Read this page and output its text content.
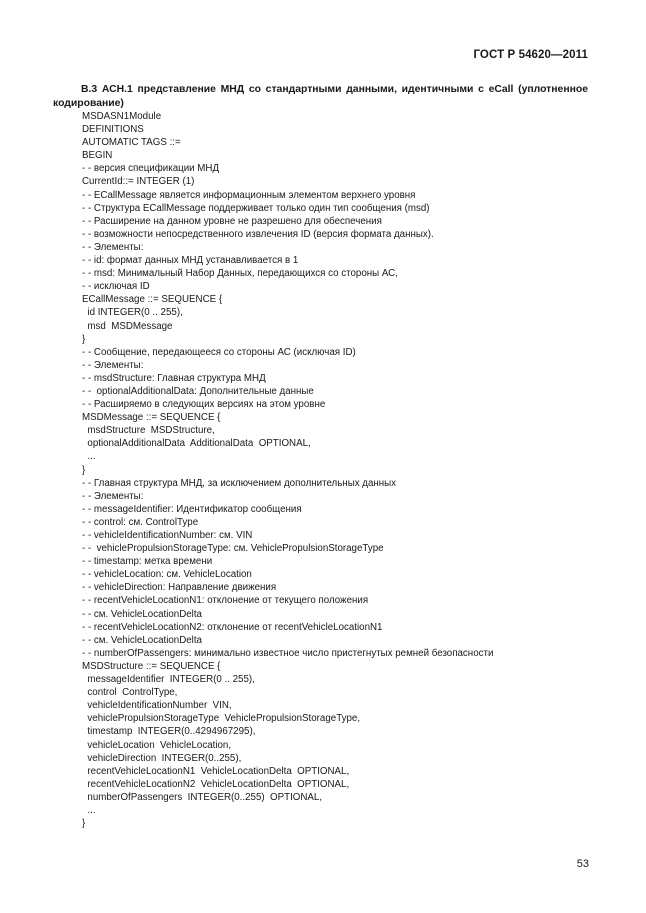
ГОСТ Р 54620—2011
В.3 АСН.1 представление МНД со стандартными данными, идентичными с eCall (уплотненное кодирование)
MSDASN1Module
DEFINITIONS
AUTOMATIC TAGS ::=
BEGIN
- - версия спецификации МНД
CurrentId::= INTEGER (1)
- - ECallMessage является информационным элементом верхнего уровня
- - Структура ECallMessage поддерживает только один тип сообщения (msd)
- - Расширение на данном уровне не разрешено для обеспечения
- - возможности непосредственного извлечения ID (версия формата данных).
- - Элементы:
- - id: формат данных МНД устанавливается в 1
- - msd: Минимальный Набор Данных, передающихся со стороны АС,
- - исключая ID
ECallMessage ::= SEQUENCE {
id INTEGER(0 .. 255),
msd  MSDMessage
}
- - Сообщение, передающееся со стороны АС (исключая ID)
- - Элементы:
- - msdStructure: Главная структура МНД
- -  optionalAdditionalData: Дополнительные данные
- - Расширяемо в следующих версиях на этом уровне
MSDMessage ::= SEQUENCE {
msdStructure  MSDStructure,
optionalAdditionalData  AdditionalData  OPTIONAL,
...
}
- - Главная структура МНД, за исключением дополнительных данных
- - Элементы:
- - messageIdentifier: Идентификатор сообщения
- - control: см. ControlType
- - vehicleIdentificationNumber: см. VIN
- -  vehiclePropulsionStorageType: см. VehiclePropulsionStorageType
- - timestamp: метка времени
- - vehicleLocation: см. VehicleLocation
- - vehicleDirection: Направление движения
- - recentVehicleLocationN1: отклонение от текущего положения
- - см. VehicleLocationDelta
- - recentVehicleLocationN2: отклонение от recentVehicleLocationN1
- - см. VehicleLocationDelta
- - numberOfPassengers: минимально известное число пристегнутых ремней безопасности
MSDStructure ::= SEQUENCE {
messageIdentifier  INTEGER(0 .. 255),
control  ControlType,
vehicleIdentificationNumber  VIN,
vehiclePropulsionStorageType  VehiclePropulsionStorageType,
timestamp  INTEGER(0..4294967295),
vehicleLocation  VehicleLocation,
vehicleDirection  INTEGER(0..255),
recentVehicleLocationN1  VehicleLocationDelta  OPTIONAL,
recentVehicleLocationN2  VehicleLocationDelta  OPTIONAL,
numberOfPassengers  INTEGER(0..255)  OPTIONAL,
...
}
53
